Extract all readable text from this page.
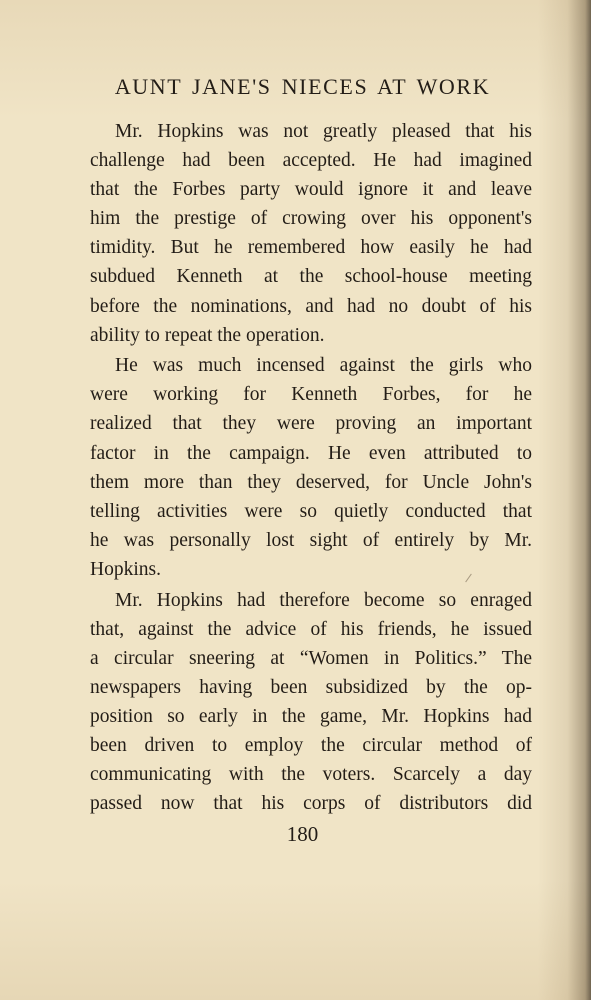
AUNT JANE'S NIECES AT WORK
Mr. Hopkins was not greatly pleased that his
challenge had been accepted. He had imagined
that the Forbes party would ignore it and leave
him the prestige of crowing over his opponent's
timidity. But he remembered how easily he had
subdued Kenneth at the school-house meeting
before the nominations, and had no doubt of his
ability to repeat the operation.
He was much incensed against the girls who
were working for Kenneth Forbes, for he
realized that they were proving an important
factor in the campaign. He even attributed to
them more than they deserved, for Uncle John's
telling activities were so quietly conducted that
he was personally lost sight of entirely by Mr.
Hopkins.
Mr. Hopkins had therefore become so enraged
that, against the advice of his friends, he issued
a circular sneering at “Women in Politics.” The
newspapers having been subsidized by the op-
position so early in the game, Mr. Hopkins had
been driven to employ the circular method of
communicating with the voters. Scarcely a day
passed now that his corps of distributors did
180
